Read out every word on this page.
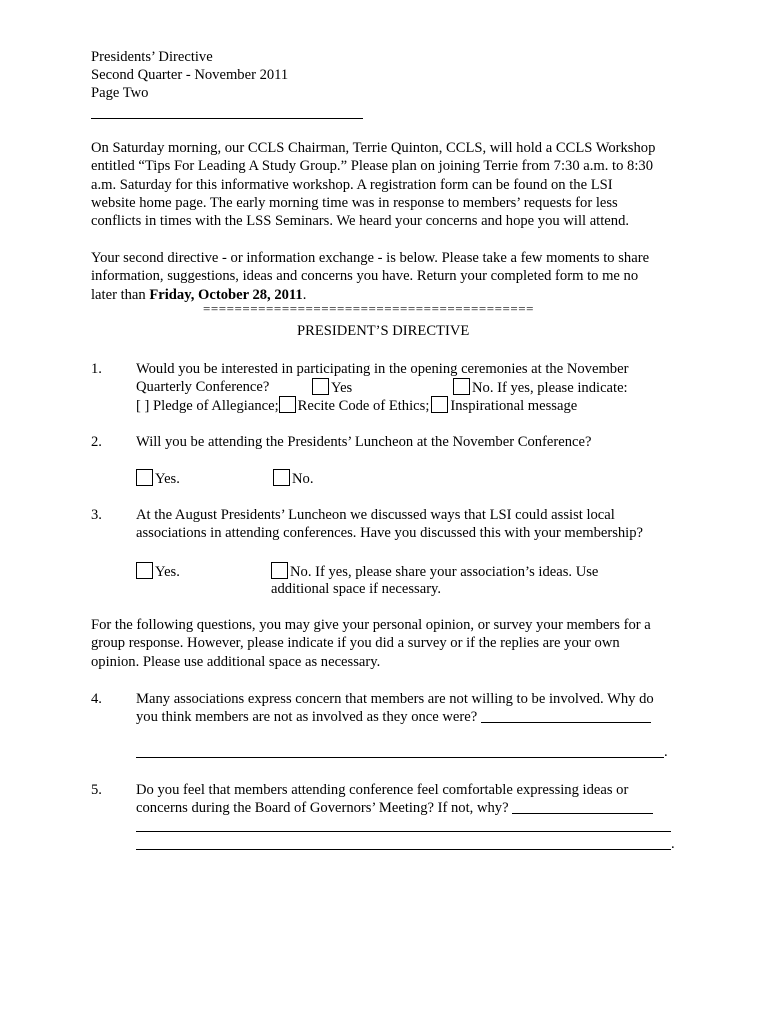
Presidents’ Directive
Second Quarter - November 2011
Page Two
On Saturday morning, our CCLS Chairman, Terrie Quinton, CCLS, will hold a CCLS Workshop
entitled “Tips For Leading A Study Group.” Please plan on joining Terrie from 7:30 a.m. to 8:30
a.m. Saturday for this informative workshop. A registration form can be found on the LSI
website home page. The early morning time was in response to members’ requests for less
conflicts in times with the LSS Seminars. We heard your concerns and hope you will attend.
Your second directive - or information exchange - is below. Please take a few moments to share
information, suggestions, ideas and concerns you have. Return your completed form to me no
later than Friday, October 28, 2011.
==========================================
PRESIDENT’S DIRECTIVE
1. Would you be interested in participating in the opening ceremonies at the November
Quarterly Conference?	Yes	No. If yes, please indicate:
[ ] Pledge of Allegiance; Recite Code of Ethics; Inspirational message
2. Will you be attending the Presidents’ Luncheon at the November Conference?
Yes.	No.
3. At the August Presidents’ Luncheon we discussed ways that LSI could assist local
associations in attending conferences. Have you discussed this with your membership?
Yes.	No. If yes, please share your association’s ideas. Use
additional space if necessary.
For the following questions, you may give your personal opinion, or survey your members for a
group response. However, please indicate if you did a survey or if the replies are your own
opinion. Please use additional space as necessary.
4. Many associations express concern that members are not willing to be involved. Why do
you think members are not as involved as they once were?
.
5. Do you feel that members attending conference feel comfortable expressing ideas or
concerns during the Board of Governors’ Meeting? If not, why?
.
